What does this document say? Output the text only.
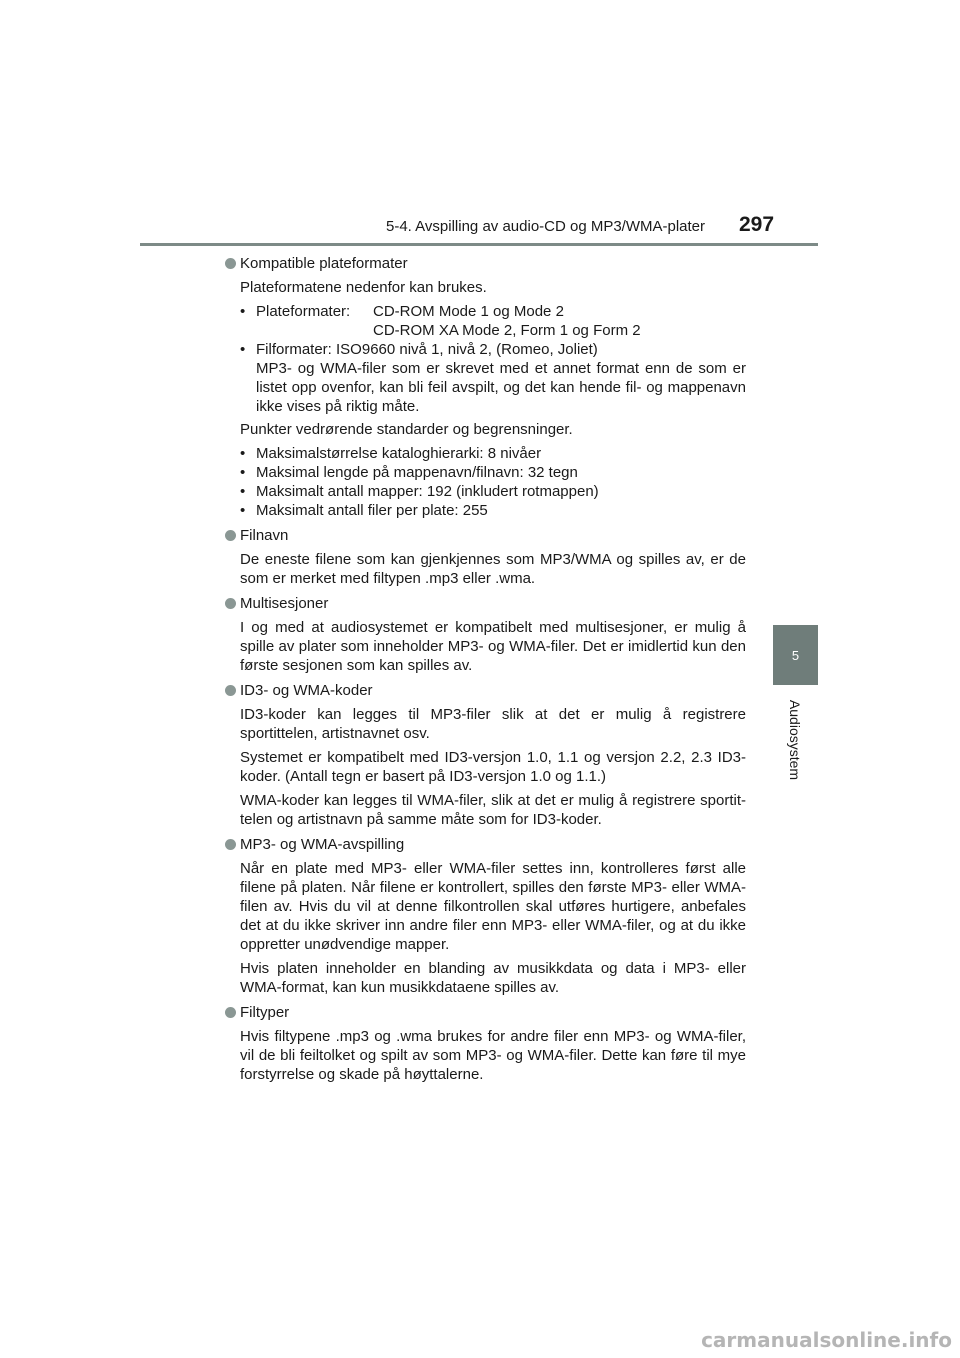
5-4. Avspilling av audio-CD og MP3/WMA-plater 297
5
Audiosystem
Kompatible plateformater

Plateformatene nedenfor kan brukes.

• Plateformater:	CD-ROM Mode 1 og Mode 2
CD-ROM XA Mode 2, Form 1 og Form 2
• Filformater: ISO9660 nivå 1, nivå 2, (Romeo, Joliet)
MP3- og WMA-filer som er skrevet med et annet format enn de som er listet opp ovenfor, kan bli feil avspilt, og det kan hende fil- og mappenavn ikke vises på riktig måte.

Punkter vedrørende standarder og begrensninger.

• Maksimalstørrelse kataloghierarki: 8 nivåer
• Maksimal lengde på mappenavn/filnavn: 32 tegn
• Maksimalt antall mapper: 192 (inkludert rotmappen)
• Maksimalt antall filer per plate: 255
Filnavn

De eneste filene som kan gjenkjennes som MP3/WMA og spilles av, er de som er merket med filtypen .mp3 eller .wma.

Multisesjoner

I og med at audiosystemet er kompatibelt med multisesjoner, er mulig å spille av plater som inneholder MP3- og WMA-filer. Det er imidlertid kun den første sesjonen som kan spilles av.

ID3- og WMA-koder

ID3-koder kan legges til MP3-filer slik at det er mulig å registrere sportittelen, artistnavnet osv.

Systemet er kompatibelt med ID3-versjon 1.0, 1.1 og versjon 2.2, 2.3 ID3-koder. (Antall tegn er basert på ID3-versjon 1.0 og 1.1.)

WMA-koder kan legges til WMA-filer, slik at det er mulig å registrere sportit-telen og artistnavn på samme måte som for ID3-koder.

MP3- og WMA-avspilling

Når en plate med MP3- eller WMA-filer settes inn, kontrolleres først alle filene på platen. Når filene er kontrollert, spilles den første MP3- eller WMA-filen av. Hvis du vil at denne filkontrollen skal utføres hurtigere, anbefales det at du ikke skriver inn andre filer enn MP3- eller WMA-filer, og at du ikke oppretter unødvendige mapper.

Hvis platen inneholder en blanding av musikkdata og data i MP3- eller WMA-format, kan kun musikkdataene spilles av.

Filtyper

Hvis filtypene .mp3 og .wma brukes for andre filer enn MP3- og WMA-filer, vil de bli feiltolket og spilt av som MP3- og WMA-filer. Dette kan føre til mye forstyrrelse og skade på høyttalerne.

carmanualsonline.info
